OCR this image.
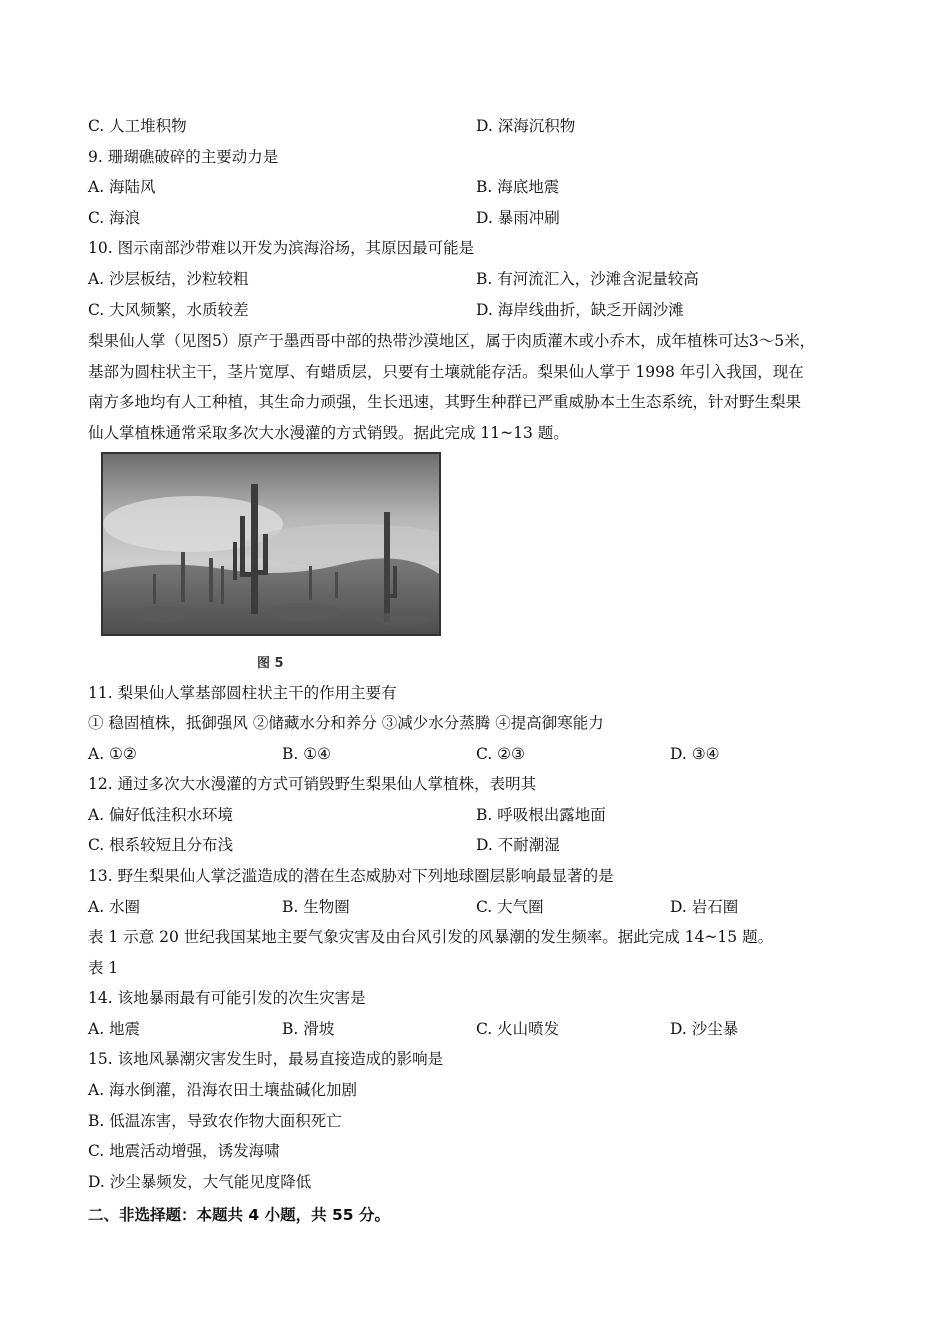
C. 人工堆积物	D. 深海沉积物
9. 珊瑚礁破碎的主要动力是
A. 海陆风	B. 海底地震
C. 海浪	D. 暴雨冲刷
10. 图示南部沙带难以开发为滨海浴场，其原因最可能是
A. 沙层板结，沙粒较粗	B. 有河流汇入，沙滩含泥量较高
C. 大风频繁，水质较差	D. 海岸线曲折，缺乏开阔沙滩
梨果仙人掌（见图5）原产于墨西哥中部的热带沙漠地区，属于肉质灌木或小乔木，成年植株可达3～5米，
基部为圆柱状主干，茎片宽厚、有蜡质层，只要有土壤就能存活。梨果仙人掌于 1998 年引入我国，现在
南方多地均有人工种植，其生命力顽强，生长迅速，其野生种群已严重威胁本土生态系统，针对野生梨果
仙人掌植株通常采取多次大水漫灌的方式销毁。据此完成 11~13 题。
图 5
11. 梨果仙人掌基部圆柱状主干的作用主要有
① 稳固植株，抵御强风 ②储藏水分和养分 ③减少水分蒸腾 ④提高御寒能力
A. ①②	B. ①④	C. ②③	D. ③④
12. 通过多次大水漫灌的方式可销毁野生梨果仙人掌植株，表明其
A. 偏好低洼积水环境	B. 呼吸根出露地面
C. 根系较短且分布浅	D. 不耐潮湿
13. 野生梨果仙人掌泛滥造成的潜在生态威胁对下列地球圈层影响最显著的是
A. 水圈	B. 生物圈	C. 大气圈	D. 岩石圈
表 1 示意 20 世纪我国某地主要气象灾害及由台风引发的风暴潮的发生频率。据此完成 14~15 题。
表 1
14. 该地暴雨最有可能引发的次生灾害是
A. 地震	B. 滑坡	C. 火山喷发	D. 沙尘暴
15. 该地风暴潮灾害发生时，最易直接造成的影响是
A. 海水倒灌，沿海农田土壤盐碱化加剧
B. 低温冻害，导致农作物大面积死亡
C. 地震活动增强，诱发海啸
D. 沙尘暴频发，大气能见度降低
二、非选择题：本题共 4 小题，共 55 分。
